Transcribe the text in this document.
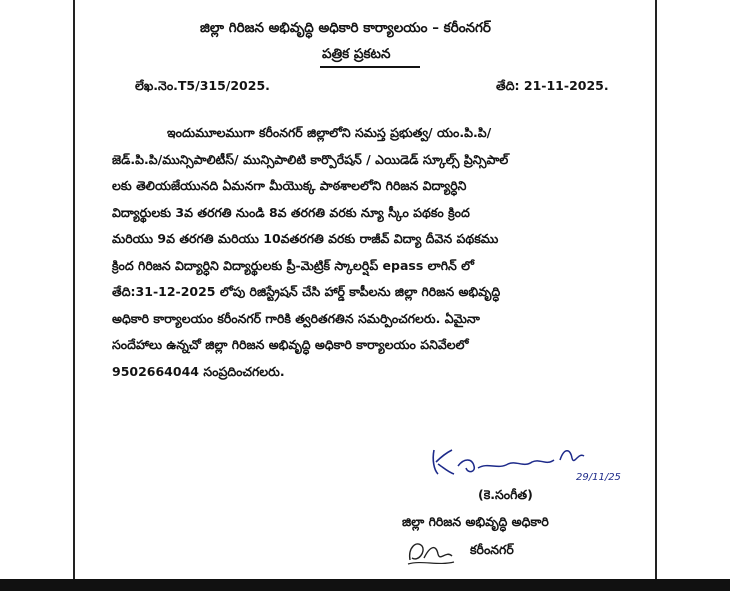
జిల్లా గిరిజన అభివృద్ధి అధికారి కార్యాలయం – కరీంనగర్
పత్రిక ప్రకటన
లేఖ.నెం.T5/315/2025.	తేది: 21-11-2025.
ఇందుమూలముగా కరీంనగర్ జిల్లాలోని సమస్త ప్రభుత్వ/ యం.పి.పి/
జెడ్.పి.పి/మున్సిపాలిటీస్/ మున్సిపాలిటి కార్పొరేషన్ / ఎయిడెడ్ స్కూల్స్ ప్రిన్సిపాల్
లకు తెలియజేయునది ఏమనగా మీయొక్క పాఠశాలలోని గిరిజన విద్యార్ధిని
విద్యార్థులకు 3వ తరగతి నుండి 8వ తరగతి వరకు న్యూ స్కీం పథకం క్రింద
మరియు 9వ తరగతి మరియు 10వతరగతి వరకు రాజీవ్ విద్యా దీవెన పథకము
క్రింద గిరిజన విద్యార్ధిని విద్యార్థులకు ప్రీ-మెట్రిక్ స్కాలర్షిప్ epass లాగిన్ లో
తేది:31-12-2025 లోపు రిజిస్ట్రేషన్ చేసి హార్డ్ కాపీలను జిల్లా గిరిజన అభివృద్ధి
అధికారి కార్యాలయం కరీంనగర్ గారికి త్వరితగతిన సమర్పించగలరు. ఏమైనా
సందేహాలు ఉన్నచో జిల్లా గిరిజన అభివృద్ధి అధికారి కార్యాలయం పనివేలలో
9502664044 సంప్రదించగలరు.
29/11/25
(కె.సంగీత)
జిల్లా గిరిజన అభివృద్ధి అధికారి
కరీంనగర్
